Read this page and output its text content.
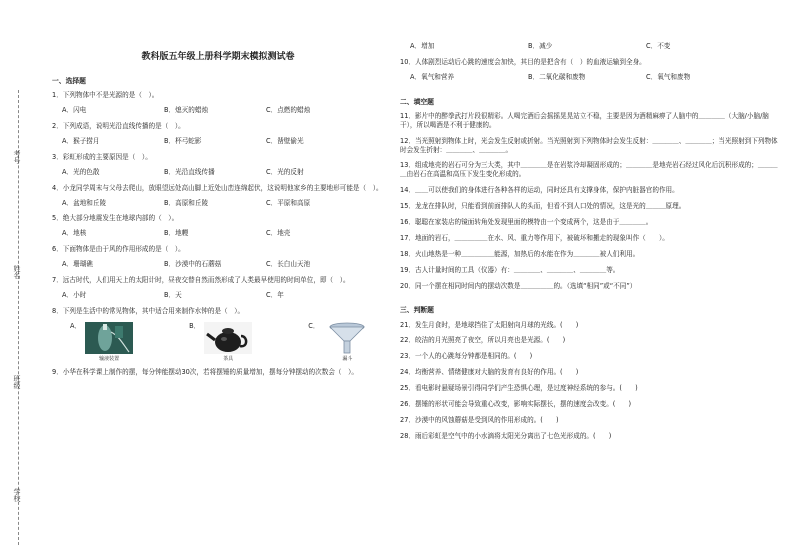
考号
姓名
班级
学校
教科版五年级上册科学期末模拟测试卷
一、选择题
1．下列物体中不是光源的是（　）。
A．闪电	B．熄灭的蜡烛	C．点燃的蜡烛
2．下列成语，说明光沿直线传播的是（　）。
A．猴子捞月	B．杯弓蛇影	C．凿壁偷光
3．彩虹形成的主要原因是（　）。
A．光的色散	B．光沿直线传播	C．光的反射
4．小龙同学周末与父母去爬山，放眼望远处高山脚上近处山峦连绵起伏，这说明他家乡的主要地形可能是（　）。
A．盆地和丘陵	B．高原和丘陵	C．平原和高原
5．绝大部分地震发生在地球内部的（　）。
A．地核	B．地幔	C．地壳
6．下面物体是由于风的作用形成的是（　）。
A．珊瑚礁	B．沙漠中的石蘑菇	C．长白山天池
7．远古时代，人们用天上的太阳计时，昼夜交替自然而然形成了人类最早使用的时间单位，即（　）。
A．小时	B．天	C．年
8．下列是生活中的常见物体，其中适合用来制作水钟的是（　）。
A．
输液装置
B．
茶具
C．
漏斗
9．小华在科学课上制作的摆，每分钟能摆动30次，若将摆锤的质量增加，摆每分钟摆动的次数会（　）。
A．增加	B．减少	C．不变
10．人体剧烈运动后心跳的速度会加快，其目的是把含有（　）的血液运输到全身。
A．氧气和营养	B．二氧化碳和废物	C．氧气和废物
二、填空题
11．影片中的醉拳武打片段很精彩。人喝完酒后会摇摇晃晃站立不稳，主要是因为酒精麻痹了人脑中的＿＿＿＿（大脑/小脑/脑干），所以喝酒是不利于健康的。
12．当光照射到物体上时，光会发生反射或折射。当光照射到下列物体时会发生反射：＿＿＿＿、＿＿＿＿；当光照射到下列物体时会发生折射：＿＿＿＿、＿＿＿＿。
13．组成地壳的岩石可分为三大类，其中＿＿＿＿是在岩浆冷却凝固形成的；＿＿＿＿是地壳岩石经过风化后沉积形成的；＿＿＿＿由岩石在高温和高压下发生变化形成的。
14．＿＿可以使我们的身体进行各种各样的运动，同时还具有支撑身体，保护内脏器官的作用。
15．龙龙在排队时，只能看到前面排队人的头而，但看不到人口处的情况，这是光的＿＿＿原理。
16．聪聪在家装店的镜面转角处发现里面的模特由一个变成两个，这是由于＿＿＿＿。
17．地面的岩石，＿＿＿＿＿在水、风、重力等作用下，被破坏和搬走的现象叫作（　　）。
18．火山地热是一种＿＿＿＿＿能源，加热后的水能在作为＿＿＿＿被人们利用。
19．古人计量时间的工具（仪器）有：＿＿＿＿、＿＿＿＿、＿＿＿＿等。
20．同一个摆在相同时间内的摆动次数是＿＿＿＿＿的。（选填“相同”或“不同”）
三、判断题
21．发生月食时，是地球挡住了太阳射向月球的光线。(　　)
22．皎洁的月光照亮了夜空，所以月亮也是光源。(　　)
23．一个人的心跳每分钟都是相同的。(　　)
24．均衡营养、情绪健康对大脑的发育有良好的作用。(　　)
25．看电影时悬疑场景引得同学们产生恐惧心理，是过度神经系统的参与。(　　)
26．摆锤的形状可能会导致重心改变，影响实际摆长，摆的速度会改变。(　　)
27．沙漠中的风蚀蘑菇是受到风的作用形成的。(　　)
28．雨后彩虹是空气中的小水滴将太阳光分离出了七色光形成的。(　　)
